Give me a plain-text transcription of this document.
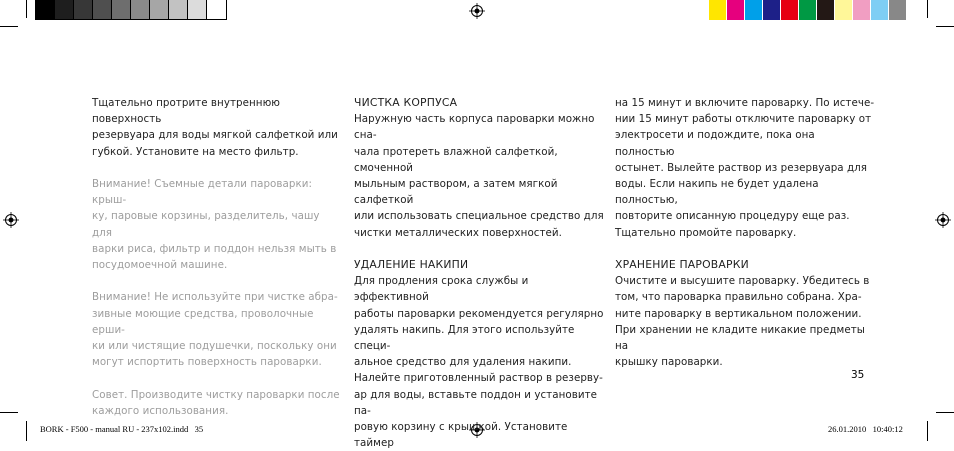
Тщательно протрите внутреннюю поверхность

резервуара для воды мягкой салфеткой или

губкой. Установите на место фильтр.

Внимание! Съемные детали пароварки: крыш-

ку, паровые корзины, разделитель, чашу для

варки риса, фильтр и поддон нельзя мыть в

посудомоечной машине.

Внимание! Не используйте при чистке абра-

зивные моющие средства, проволочные ерши-

ки или чистящие подушечки, поскольку они

могут испортить поверхность пароварки.

Совет. Производите чистку пароварки после

каждого использования.

ЧИСТКА КОРПУСА

Наружную часть корпуса пароварки можно сна-

чала протереть влажной салфеткой, смоченной

мыльным раствором, а затем мягкой салфеткой

или использовать специальное средство для

чистки металлических поверхностей.

УДАЛЕНИЕ НАКИПИ

Для продления срока службы и эффективной

работы пароварки рекомендуется регулярно

удалять накипь. Для этого используйте специ-

альное средство для удаления накипи.

Налейте приготовленный раствор в резерву-

ар для воды, вставьте поддон и установите па-

ровую корзину с крышкой. Установите таймер

на 15 минут и включите пароварку. По истече-

нии 15 минут работы отключите пароварку от

электросети и подождите, пока она полностью

остынет. Вылейте раствор из резервуара для

воды. Если накипь не будет удалена полностью,

повторите описанную процедуру еще раз.

Тщательно промойте пароварку.

ХРАНЕНИЕ ПАРОВАРКИ

Очистите и высушите пароварку. Убедитесь в

том, что пароварка правильно собрана. Хра-

ните пароварку в вертикальном положении.

При хранении не кладите никакие предметы на

крышку пароварки.

35
BORK - F500 - manual RU - 237x102.indd   35	26.01.2010   10:40:12
